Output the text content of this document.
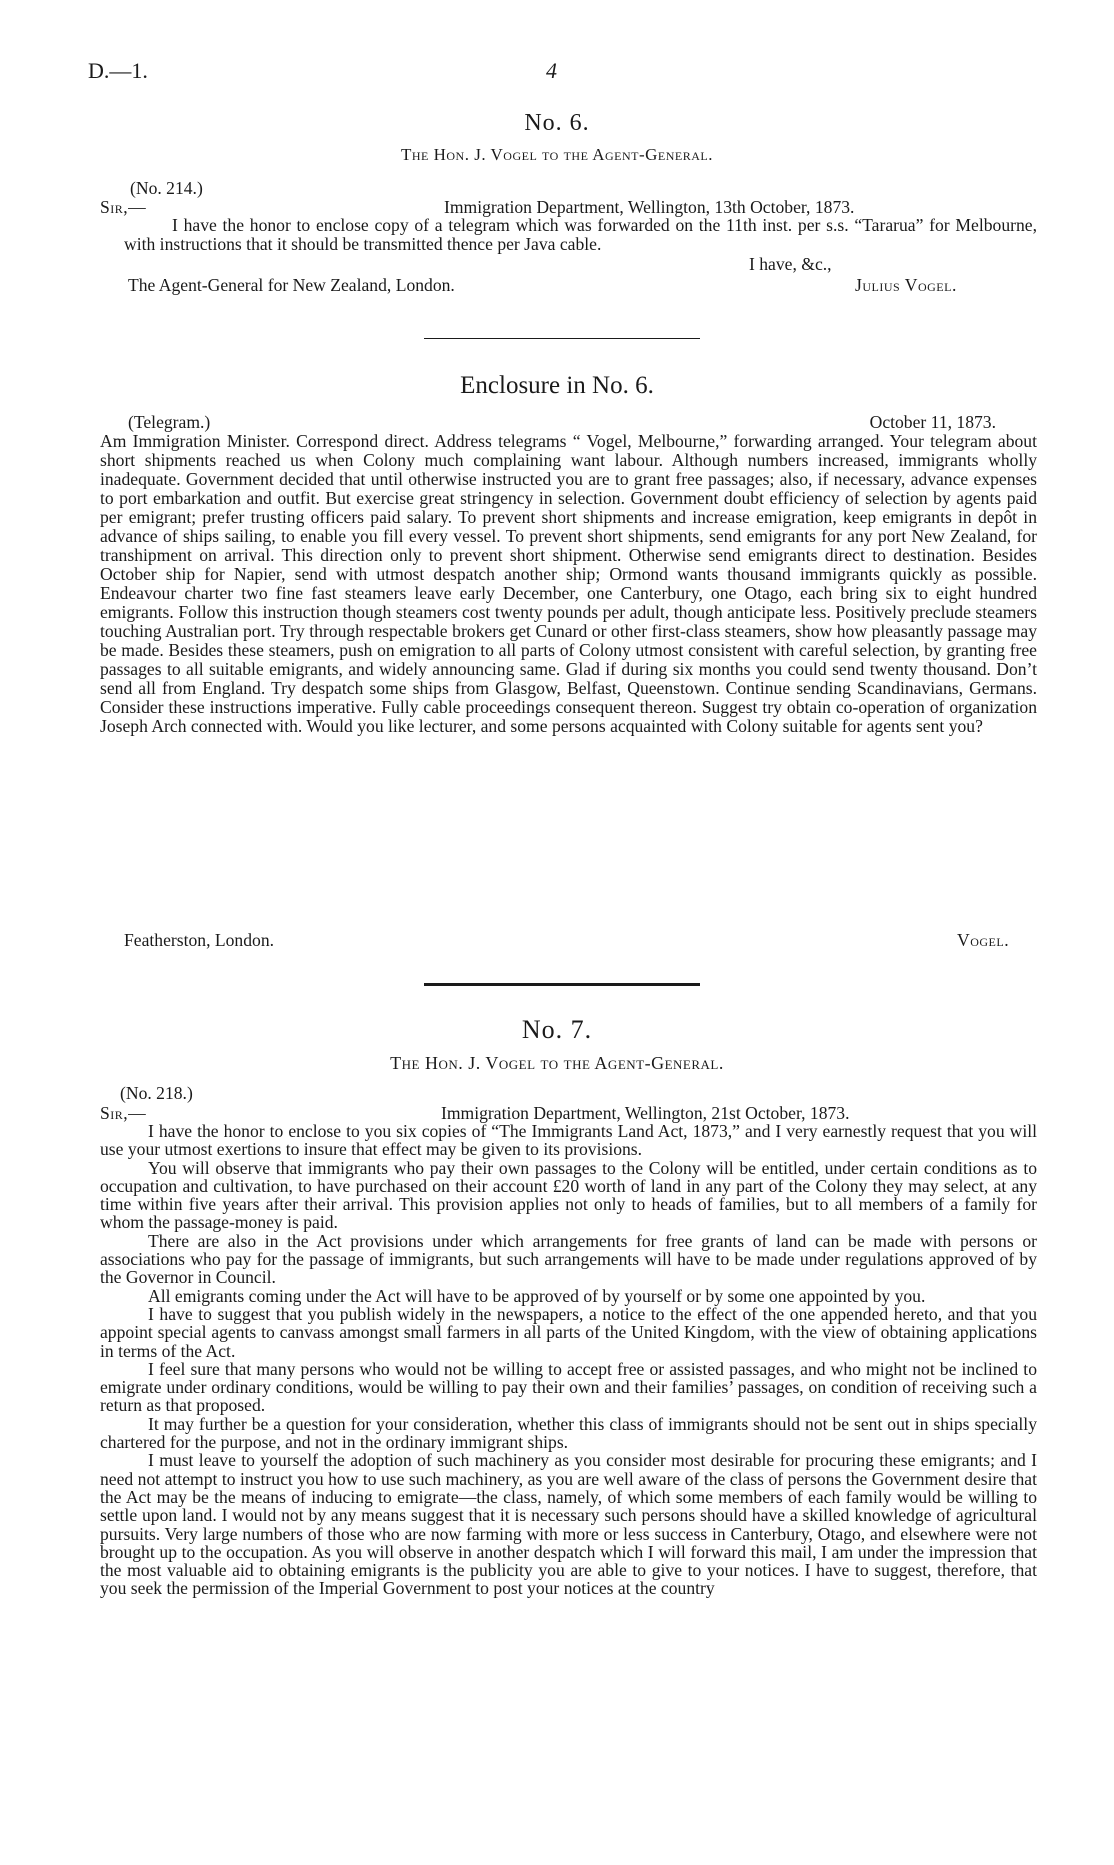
D.—1.	4
No. 6.
The Hon. J. Vogel to the Agent-General.
(No. 214.)
Sir,—	Immigration Department, Wellington, 13th October, 1873.

I have the honor to enclose copy of a telegram which was forwarded on the 11th inst. per s.s. “Tararua” for Melbourne, with instructions that it should be transmitted thence per Java cable.

I have, &c.,
The Agent-General for New Zealand, London.	Julius Vogel.
Enclosure in No. 6.
(Telegram.)	October 11, 1873.

Am Immigration Minister. Correspond direct. Address telegrams “ Vogel, Melbourne,” forwarding arranged. Your telegram about short shipments reached us when Colony much complaining want labour. Although numbers increased, immigrants wholly inadequate. Government decided that until otherwise instructed you are to grant free passages; also, if necessary, advance expenses to port embarkation and outfit. But exercise great stringency in selection. Government doubt efficiency of selection by agents paid per emigrant; prefer trusting officers paid salary. To prevent short shipments and increase emigration, keep emigrants in depôt in advance of ships sailing, to enable you fill every vessel. To prevent short shipments, send emigrants for any port New Zealand, for transhipment on arrival. This direction only to prevent short shipment. Otherwise send emigrants direct to destination. Besides October ship for Napier, send with utmost despatch another ship; Ormond wants thousand immigrants quickly as possible. Endeavour charter two fine fast steamers leave early December, one Canterbury, one Otago, each bring six to eight hundred emigrants. Follow this instruction though steamers cost twenty pounds per adult, though anticipate less. Positively preclude steamers touching Australian port. Try through respectable brokers get Cunard or other first-class steamers, show how pleasantly passage may be made. Besides these steamers, push on emigration to all parts of Colony utmost consistent with careful selection, by granting free passages to all suitable emigrants, and widely announcing same. Glad if during six months you could send twenty thousand. Don’t send all from England. Try despatch some ships from Glasgow, Belfast, Queenstown. Continue sending Scandinavians, Germans. Consider these instructions imperative. Fully cable proceedings consequent thereon. Suggest try obtain co-operation of organization Joseph Arch connected with. Would you like lecturer, and some persons acquainted with Colony suitable for agents sent you?

Featherston, London.	Vogel.
No. 7.
The Hon. J. Vogel to the Agent-General.
(No. 218.)
Sir,—	Immigration Department, Wellington, 21st October, 1873.

I have the honor to enclose to you six copies of “The Immigrants Land Act, 1873,” and I very earnestly request that you will use your utmost exertions to insure that effect may be given to its provisions.

You will observe that immigrants who pay their own passages to the Colony will be entitled, under certain conditions as to occupation and cultivation, to have purchased on their account £20 worth of land in any part of the Colony they may select, at any time within five years after their arrival. This provision applies not only to heads of families, but to all members of a family for whom the passage-money is paid.

There are also in the Act provisions under which arrangements for free grants of land can be made with persons or associations who pay for the passage of immigrants, but such arrangements will have to be made under regulations approved of by the Governor in Council.

All emigrants coming under the Act will have to be approved of by yourself or by some one appointed by you.

I have to suggest that you publish widely in the newspapers, a notice to the effect of the one appended hereto, and that you appoint special agents to canvass amongst small farmers in all parts of the United Kingdom, with the view of obtaining applications in terms of the Act.

I feel sure that many persons who would not be willing to accept free or assisted passages, and who might not be inclined to emigrate under ordinary conditions, would be willing to pay their own and their families’ passages, on condition of receiving such a return as that proposed.

It may further be a question for your consideration, whether this class of immigrants should not be sent out in ships specially chartered for the purpose, and not in the ordinary immigrant ships.

I must leave to yourself the adoption of such machinery as you consider most desirable for procuring these emigrants; and I need not attempt to instruct you how to use such machinery, as you are well aware of the class of persons the Government desire that the Act may be the means of inducing to emigrate—the class, namely, of which some members of each family would be willing to settle upon land. I would not by any means suggest that it is necessary such persons should have a skilled knowledge of agricultural pursuits. Very large numbers of those who are now farming with more or less success in Canterbury, Otago, and elsewhere were not brought up to the occupation. As you will observe in another despatch which I will forward this mail, I am under the impression that the most valuable aid to obtaining emigrants is the publicity you are able to give to your notices. I have to suggest, therefore, that you seek the permission of the Imperial Government to post your notices at the country
